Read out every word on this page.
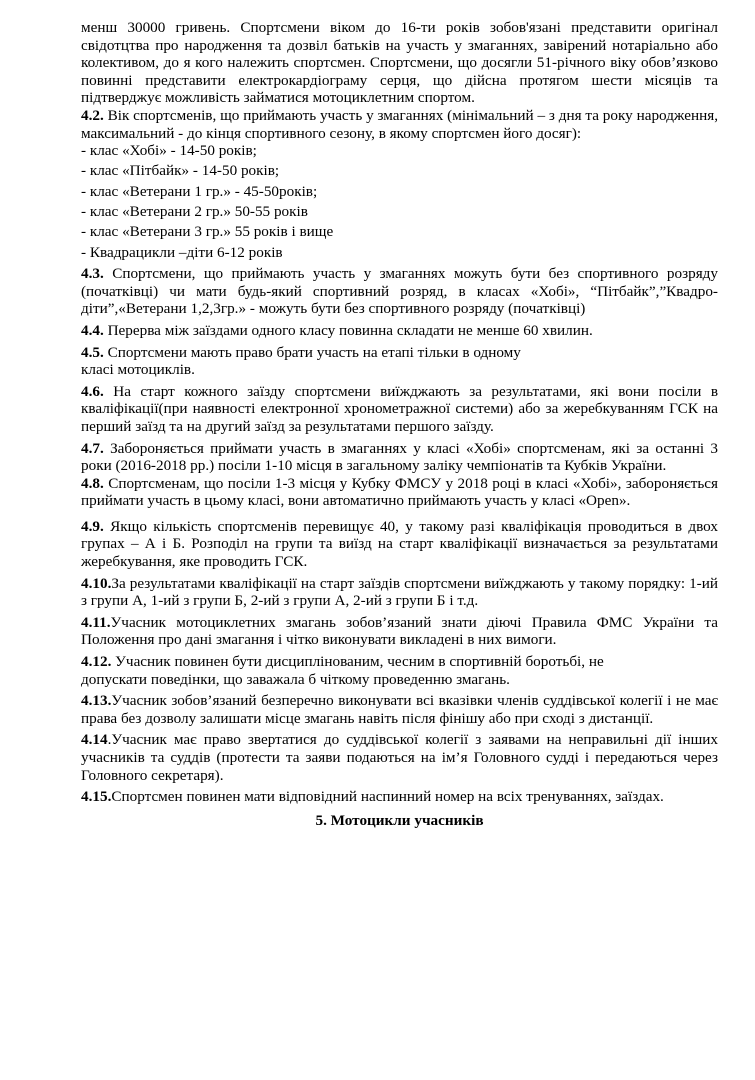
менш 30000 гривень. Спортсмени віком до 16-ти років зобов'язані представити оригінал свідотцтва про народження та дозвіл батьків на участь у змаганнях, завірений нотаріально або колективом, до я кого належить спортсмен. Спортсмени, що досягли 51-річного віку обов’язково повинні представити електрокардіограму серця, що дійсна протягом шести місяців та підтверджує можливість займатися мотоциклетним спортом.

4.2. Вік спортсменів, що приймають участь у змаганнях (мінімальний – з дня та року народження, максимальний - до кінця спортивного сезону, в якому спортсмен його досяг):

- клас «Хобі» - 14-50 років;

- клас «Пітбайк» - 14-50 років;

- клас «Ветерани 1 гр.» - 45-50років;

- клас «Ветерани 2 гр.» 50-55 років

- клас «Ветерани 3 гр.» 55 років і вище

- Квадрацикли –діти 6-12 років

4.3. Спортсмени, що приймають участь у змаганнях можуть бути без спортивного розряду (початківці) чи мати будь-який спортивний розряд, в класах «Хобі», “Пітбайк”,”Квадро-діти”,«Ветерани 1,2,3гр.» - можуть бути без спортивного розряду (початківці)

4.4. Перерва між заїздами одного класу повинна складати не менше 60 хвилин.

4.5. Спортсмени мають право брати участь на етапі тільки в одному
класі мотоциклів.

4.6. На старт кожного заїзду спортсмени виїжджають за результатами, які вони посіли в кваліфікації(при наявності електронної хронометражної системи) або за жеребкуванням ГСК на перший заїзд та на другий заїзд за результатами першого заїзду.

4.7. Забороняється приймати участь в змаганнях у класі «Хобі» спортсменам, які за останні 3 роки (2016-2018 рр.) посіли 1-10 місця в загальному заліку чемпіонатів та Кубків України.

4.8. Спортсменам, що посіли 1-3 місця у Кубку ФМСУ у 2018 році в класі «Хобі», забороняється приймати участь в цьому класі, вони автоматично приймають участь у класі «Open».

4.9. Якщо кількість спортсменів перевищує 40, у такому разі кваліфікація проводиться в двох групах – А і Б. Розподіл на групи та виїзд на старт кваліфікації визначається за результатами жеребкування, яке проводить ГСК.

4.10.За результатами кваліфікації на старт заїздів спортсмени виїжджають у такому порядку: 1-ий з групи А, 1-ий з групи Б, 2-ий з групи А, 2-ий з групи Б і т.д.

4.11.Учасник мотоциклетних змагань зобов’язаний знати діючі Правила ФМС України та Положення про дані змагання і чітко виконувати викладені в них вимоги.

4.12. Учасник повинен бути дисциплінованим, чесним в спортивній боротьбі, не
допускати поведінки, що заважала б чіткому проведенню змагань.

4.13.Учасник зобов’язаний безперечно виконувати всі вказівки членів суддівської колегії і не має права без дозволу залишати місце змагань навіть після фінішу або при сході з дистанції.

4.14.Учасник має право звертатися до суддівської колегії з заявами на неправильні дії інших учасників та суддів (протести та заяви подаються на ім’я Головного судді і передаються через Головного секретаря).

4.15.Спортсмен повинен мати відповідний наспинний номер на всіх тренуваннях, заїздах.

5. Мотоцикли учасників
